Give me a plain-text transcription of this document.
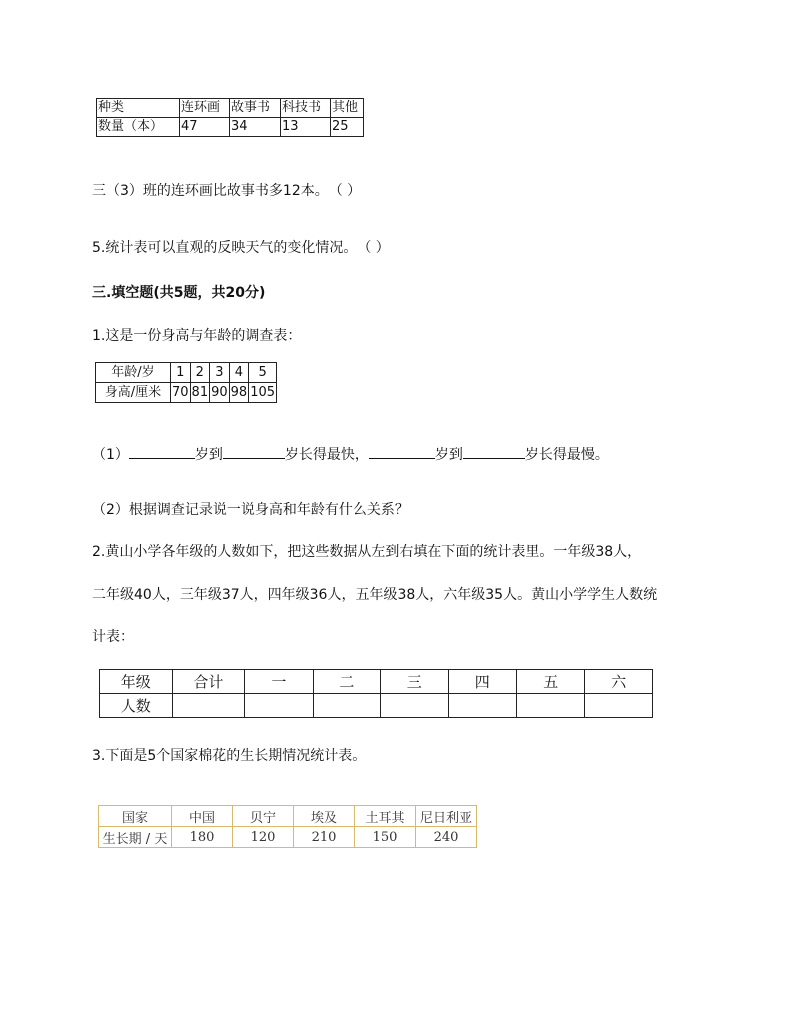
种类	连环画	故事书	科技书	其他
数量（本）	47	34	13	25
三（3）班的连环画比故事书多12本。　（ ）
5.统计表可以直观的反映天气的变化情况。　（ ）
三.填空题(共5题，共20分)
1.这是一份身高与年龄的调查表：
年龄/岁	1	2	3	4	5
身高/厘米	70	81	90	98	105
（1）	岁到	岁长得最快，	岁到	岁长得最慢。
（2）根据调查记录说一说身高和年龄有什么关系？
2.黄山小学各年级的人数如下，把这些数据从左到右填在下面的统计表里。一年级38人，
二年级40人，三年级37人，四年级36人，五年级38人，六年级35人。黄山小学学生人数统
计表：
年级	合计	一	二	三	四	五	六
人数							
3.下面是5个国家棉花的生长期情况统计表。
国家	中国	贝宁	埃及	土耳其	尼日利亚
生长期 / 天	180	120	210	150	240
